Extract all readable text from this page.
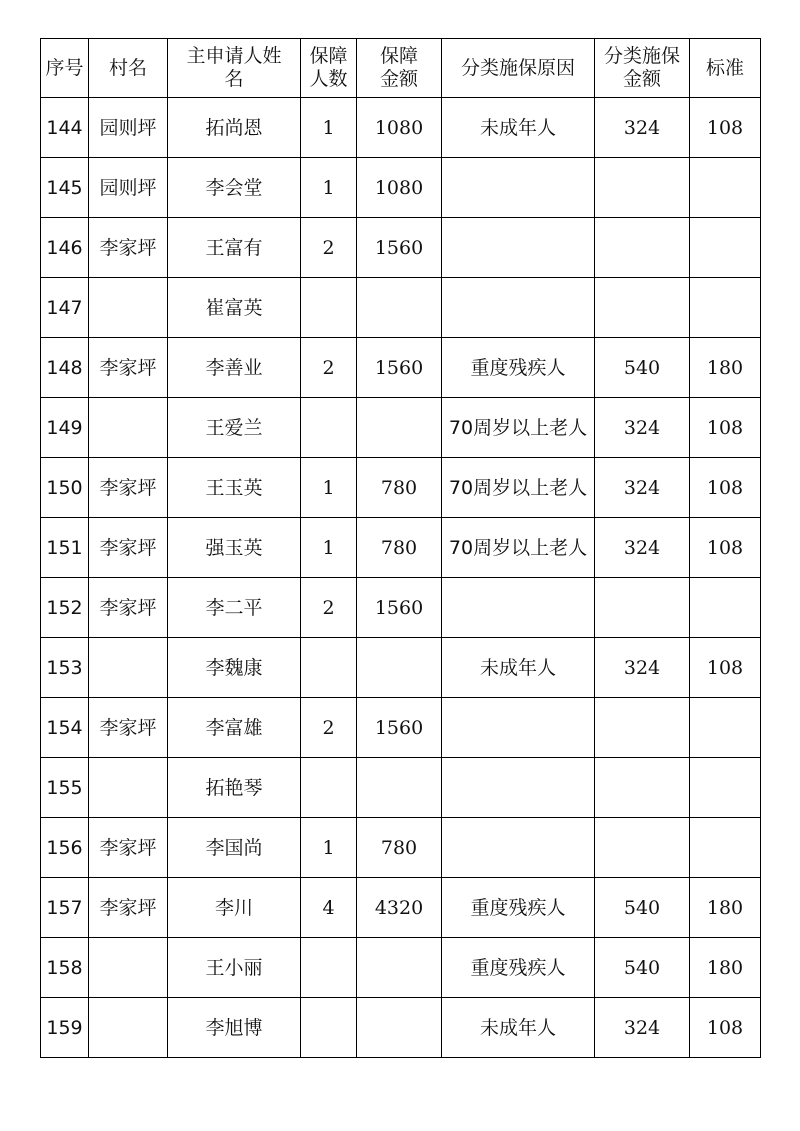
序号	村名	主申请人姓名	保障人数	保障金额	分类施保原因	分类施保金额	标准
144	园则坪	拓尚恩	1	1080	未成年人	324	108
145	园则坪	李会堂	1	1080			
146	李家坪	王富有	2	1560			
147		崔富英					
148	李家坪	李善业	2	1560	重度残疾人	540	180
149		王爱兰			70周岁以上老人	324	108
150	李家坪	王玉英	1	780	70周岁以上老人	324	108
151	李家坪	强玉英	1	780	70周岁以上老人	324	108
152	李家坪	李二平	2	1560			
153		李魏康			未成年人	324	108
154	李家坪	李富雄	2	1560			
155		拓艳琴					
156	李家坪	李国尚	1	780			
157	李家坪	李川	4	4320	重度残疾人	540	180
158		王小丽			重度残疾人	540	180
159		李旭博			未成年人	324	108
